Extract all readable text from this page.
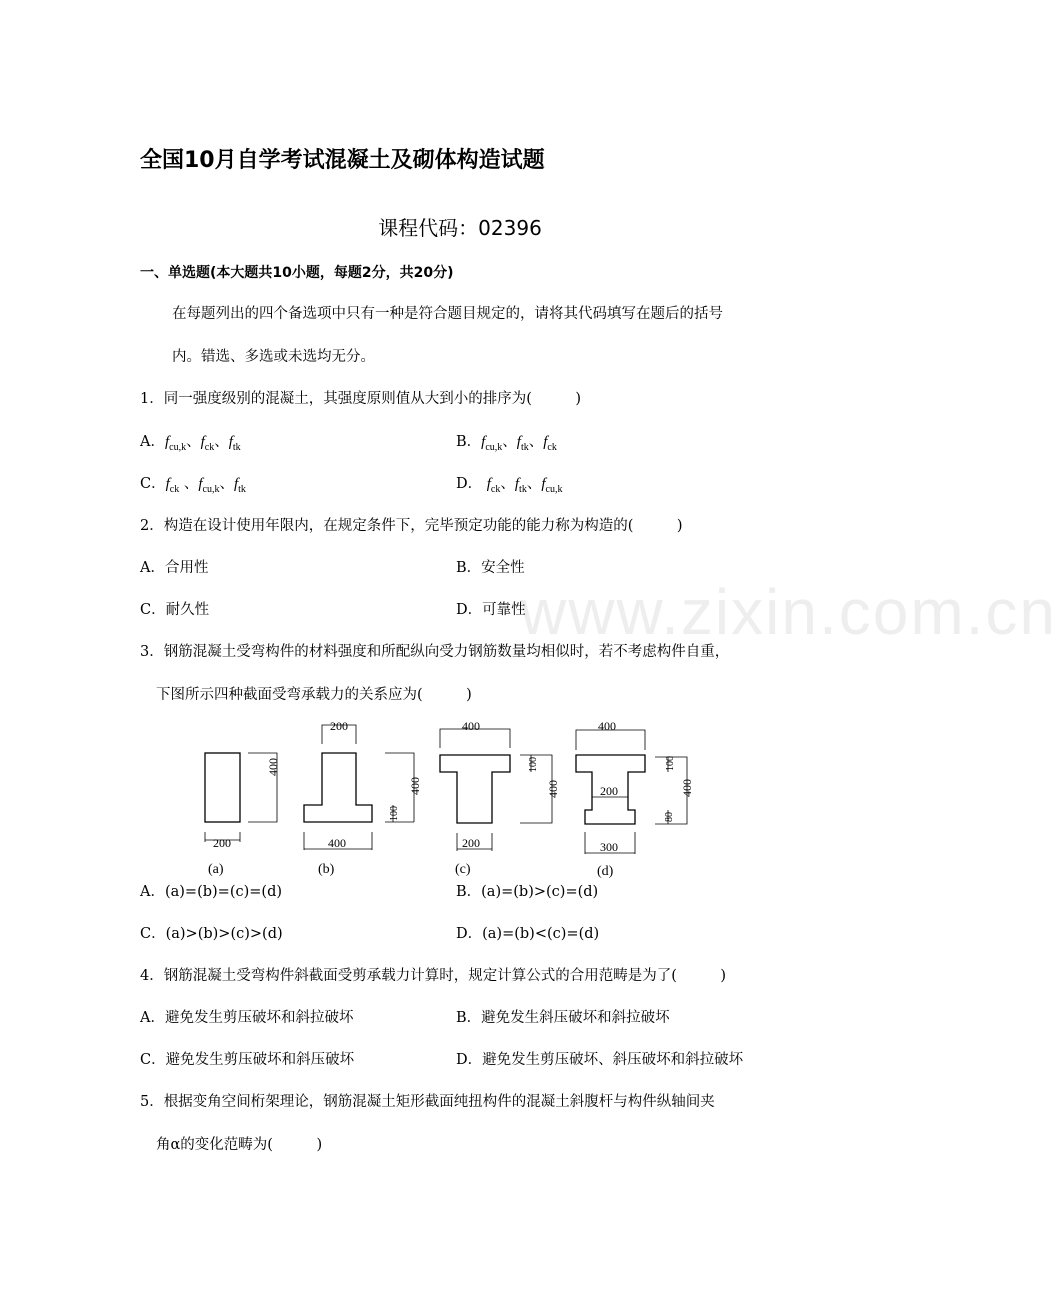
www.zixin.com.cn
全国10月自学考试混凝土及砌体构造试题
课程代码：02396
一、单选题(本大题共10小题，每题2分，共20分)
在每题列出的四个备选项中只有一种是符合题目规定的，请将其代码填写在题后的括号
内。错选、多选或未选均无分。
1．同一强度级别的混凝土，其强度原则值从大到小的排序为(　　　)
A．$f_{cu,k}$、$f_{ck}$、$f_{tk}$	B．$f_{cu,k}$、$f_{tk}$、$f_{ck}$
C．$f_{ck}$ 、$f_{cu,k}$、$f_{tk}$	D． $f_{ck}$、$f_{tk}$、$f_{cu,k}$
2．构造在设计使用年限内，在规定条件下，完毕预定功能的能力称为构造的(　　　)
A．合用性	B．安全性
C．耐久性	D．可靠性
3．钢筋混凝土受弯构件的材料强度和所配纵向受力钢筋数量均相似时，若不考虑构件自重，
下图所示四种截面受弯承载力的关系应为(　　　)
400
200
(a)
200
400
400
100
(b)
400
200
400
100
(c)
400
200
300
400
100
80
(d)
A．(a)=(b)=(c)=(d)	B．(a)=(b)>(c)=(d)
C．(a)>(b)>(c)>(d)	D．(a)=(b)<(c)=(d)
4．钢筋混凝土受弯构件斜截面受剪承载力计算时，规定计算公式的合用范畴是为了(　　　)
A．避免发生剪压破坏和斜拉破坏	B．避免发生斜压破坏和斜拉破坏
C．避免发生剪压破坏和斜压破坏	D．避免发生剪压破坏、斜压破坏和斜拉破坏
5．根据变角空间桁架理论，钢筋混凝土矩形截面纯扭构件的混凝土斜腹杆与构件纵轴间夹
角α的变化范畴为(　　　)
